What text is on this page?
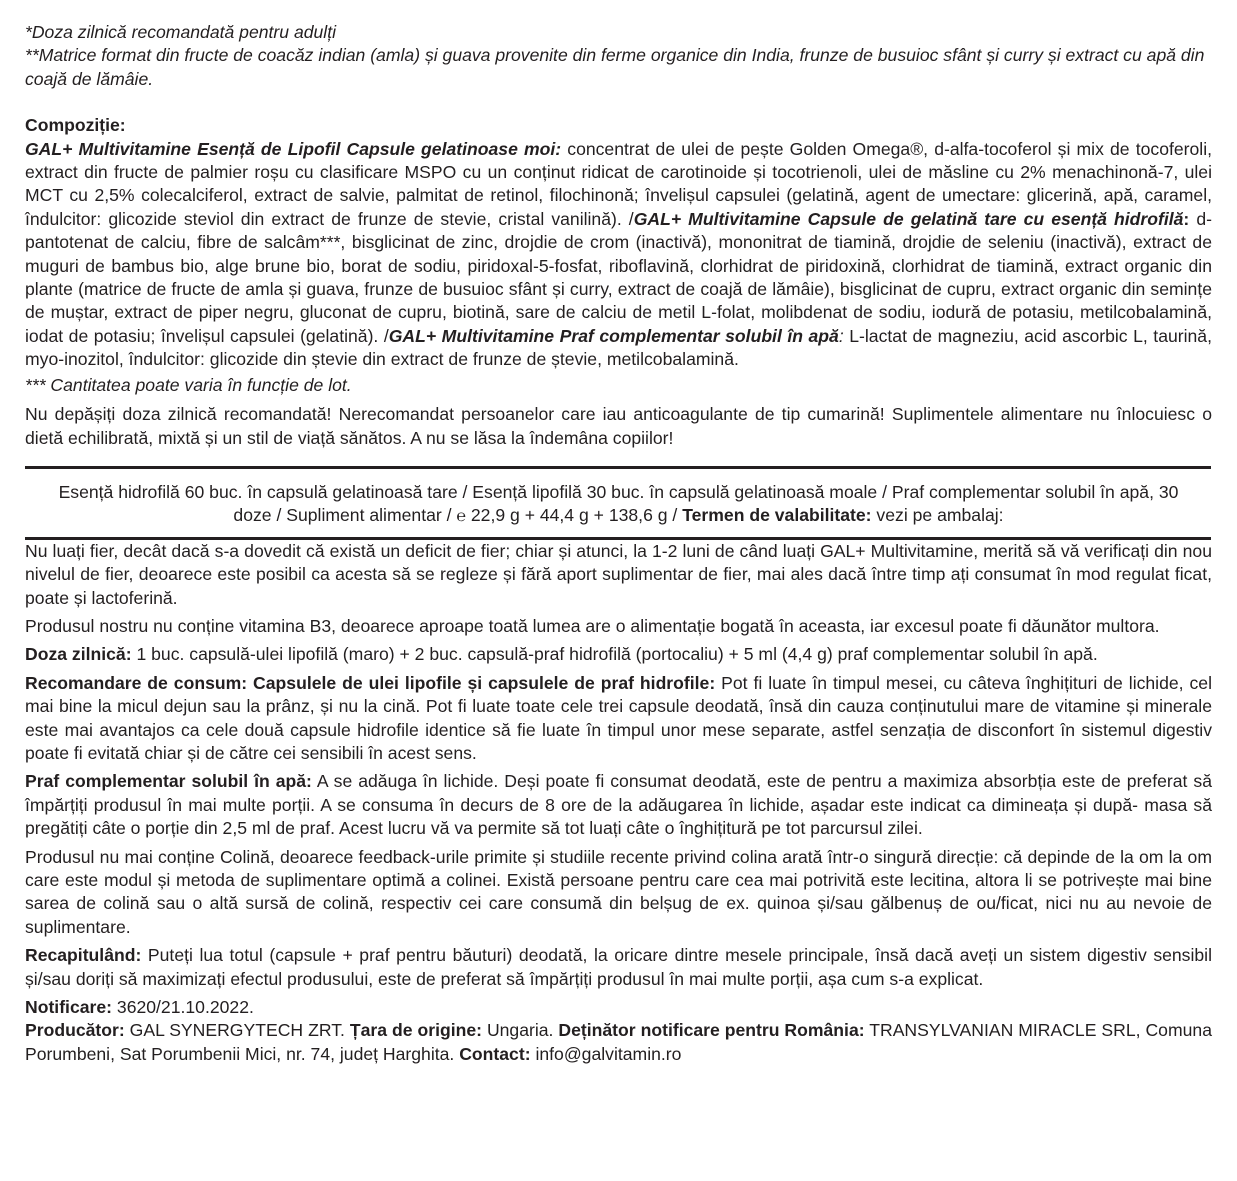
*Doza zilnică recomandată pentru adulți

**Matrice format din fructe de coacăz indian (amla) și guava provenite din ferme organice din India, frunze de busuioc sfânt și curry și extract cu apă din coajă de lămâie.

Compoziție:

GAL+ Multivitamine Esență de Lipofil Capsule gelatinoase moi: concentrat de ulei de pește Golden Omega®, d-alfa-tocoferol și mix de tocoferoli, extract din fructe de palmier roșu cu clasificare MSPO cu un conținut ridicat de carotinoide și tocotrienoli, ulei de măsline cu 2% menachinonă-7, ulei MCT cu 2,5% colecalciferol, extract de salvie, palmitat de retinol, filochinonă; învelișul capsulei (gelatină, agent de umectare: glicerină, apă, caramel, îndulcitor: glicozide steviol din extract de frunze de stevie, cristal vanilină). /GAL+ Multivitamine Capsule de gelatină tare cu esență hidrofilă: d-pantotenat de calciu, fibre de salcâm***, bisglicinat de zinc, drojdie de crom (inactivă), mononitrat de tiamină, drojdie de seleniu (inactivă), extract de muguri de bambus bio, alge brune bio, borat de sodiu, piridoxal-5-fosfat, riboflavină, clorhidrat de piridoxină, clorhidrat de tiamină, extract organic din plante (matrice de fructe de amla și guava, frunze de busuioc sfânt și curry, extract de coajă de lămâie), bisglicinat de cupru, extract organic din semințe de muștar, extract de piper negru, gluconat de cupru, biotină, sare de calciu de metil L-folat, molibdenat de sodiu, iodură de potasiu, metilcobalamină, iodat de potasiu; învelișul capsulei (gelatină). /GAL+ Multivitamine Praf complementar solubil în apă: L-lactat de magneziu, acid ascorbic L, taurină, myo-inozitol, îndulcitor: glicozide din ștevie din extract de frunze de ștevie, metilcobalamină.

*** Cantitatea poate varia în funcție de lot.

Nu depășiți doza zilnică recomandată! Nerecomandat persoanelor care iau anticoagulante de tip cumarină! Suplimentele alimentare nu înlocuiesc o dietă echilibrată, mixtă și un stil de viață sănătos. A nu se lăsa la îndemâna copiilor!

Esență hidrofilă 60 buc. în capsulă gelatinoasă tare / Esență lipofilă 30 buc. în capsulă gelatinoasă moale / Praf complementar solubil în apă, 30 doze / Supliment alimentar / ℮ 22,9 g + 44,4 g + 138,6 g / Termen de valabilitate: vezi pe ambalaj:

Nu luați fier, decât dacă s-a dovedit că există un deficit de fier; chiar și atunci, la 1-2 luni de când luați GAL+ Multivitamine, merită să vă verificați din nou nivelul de fier, deoarece este posibil ca acesta să se regleze și fără aport suplimentar de fier, mai ales dacă între timp ați consumat în mod regulat ficat, poate și lactoferină.

Produsul nostru nu conține vitamina B3, deoarece aproape toată lumea are o alimentație bogată în aceasta, iar excesul poate fi dăunător multora.

Doza zilnică: 1 buc. capsulă-ulei lipofilă (maro) + 2 buc. capsulă-praf hidrofilă (portocaliu) + 5 ml (4,4 g) praf complementar solubil în apă.

Recomandare de consum: Capsulele de ulei lipofile și capsulele de praf hidrofile: Pot fi luate în timpul mesei, cu câteva înghițituri de lichide, cel mai bine la micul dejun sau la prânz, și nu la cină. Pot fi luate toate cele trei capsule deodată, însă din cauza conținutului mare de vitamine și minerale este mai avantajos ca cele două capsule hidrofile identice să fie luate în timpul unor mese separate, astfel senzația de disconfort în sistemul digestiv poate fi evitată chiar și de către cei sensibili în acest sens.

Praf complementar solubil în apă: A se adăuga în lichide. Deși poate fi consumat deodată, este de pentru a maximiza absorbția este de preferat să împărțiți produsul în mai multe porții. A se consuma în decurs de 8 ore de la adăugarea în lichide, așadar este indicat ca dimineața și după- masa să pregătiți câte o porție din 2,5 ml de praf. Acest lucru vă va permite să tot luați câte o înghițitură pe tot parcursul zilei.

Produsul nu mai conține Colină, deoarece feedback-urile primite și studiile recente privind colina arată într-o singură direcție: că depinde de la om la om care este modul și metoda de suplimentare optimă a colinei. Există persoane pentru care cea mai potrivită este lecitina, altora li se potrivește mai bine sarea de colină sau o altă sursă de colină, respectiv cei care consumă din belșug de ex. quinoa și/sau gălbenuș de ou/ficat, nici nu au nevoie de suplimentare.

Recapitulând: Puteți lua totul (capsule + praf pentru băuturi) deodată, la oricare dintre mesele principale, însă dacă aveți un sistem digestiv sensibil și/sau doriți să maximizați efectul produsului, este de preferat să împărțiți produsul în mai multe porții, așa cum s-a explicat.

Notificare: 3620/21.10.2022.

Producător: GAL SYNERGYTECH ZRT. Țara de origine: Ungaria. Deținător notificare pentru România: TRANSYLVANIAN MIRACLE SRL, Comuna Porumbeni, Sat Porumbenii Mici, nr. 74, județ Harghita. Contact: info@galvitamin.ro
